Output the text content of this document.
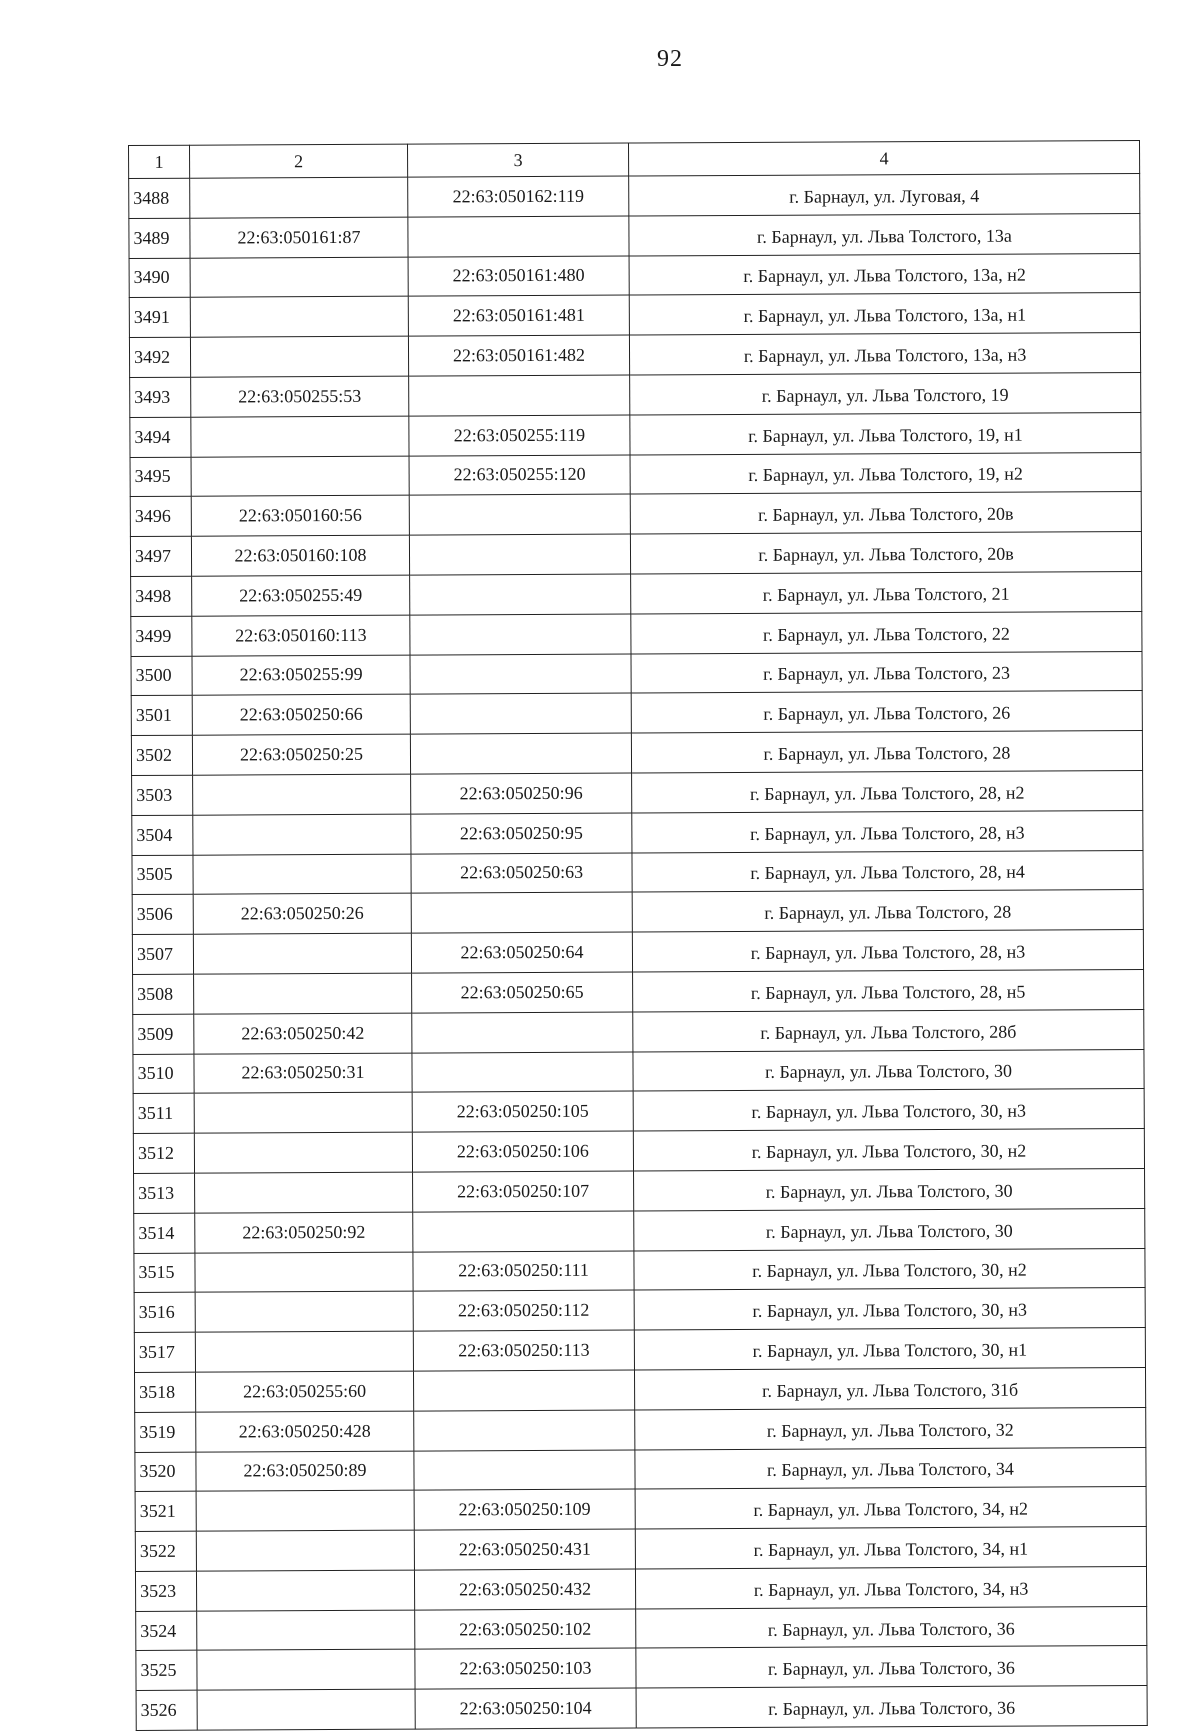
92
1	2	3	4
3488		22:63:050162:119	г. Барнаул, ул. Луговая, 4
3489	22:63:050161:87		г. Барнаул, ул. Льва Толстого, 13а
3490		22:63:050161:480	г. Барнаул, ул. Льва Толстого, 13а, н2
3491		22:63:050161:481	г. Барнаул, ул. Льва Толстого, 13а, н1
3492		22:63:050161:482	г. Барнаул, ул. Льва Толстого, 13а, н3
3493	22:63:050255:53		г. Барнаул, ул. Льва Толстого, 19
3494		22:63:050255:119	г. Барнаул, ул. Льва Толстого, 19, н1
3495		22:63:050255:120	г. Барнаул, ул. Льва Толстого, 19, н2
3496	22:63:050160:56		г. Барнаул, ул. Льва Толстого, 20в
3497	22:63:050160:108		г. Барнаул, ул. Льва Толстого, 20в
3498	22:63:050255:49		г. Барнаул, ул. Льва Толстого, 21
3499	22:63:050160:113		г. Барнаул, ул. Льва Толстого, 22
3500	22:63:050255:99		г. Барнаул, ул. Льва Толстого, 23
3501	22:63:050250:66		г. Барнаул, ул. Льва Толстого, 26
3502	22:63:050250:25		г. Барнаул, ул. Льва Толстого, 28
3503		22:63:050250:96	г. Барнаул, ул. Льва Толстого, 28, н2
3504		22:63:050250:95	г. Барнаул, ул. Льва Толстого, 28, н3
3505		22:63:050250:63	г. Барнаул, ул. Льва Толстого, 28, н4
3506	22:63:050250:26		г. Барнаул, ул. Льва Толстого, 28
3507		22:63:050250:64	г. Барнаул, ул. Льва Толстого, 28, н3
3508		22:63:050250:65	г. Барнаул, ул. Льва Толстого, 28, н5
3509	22:63:050250:42		г. Барнаул, ул. Льва Толстого, 28б
3510	22:63:050250:31		г. Барнаул, ул. Льва Толстого, 30
3511		22:63:050250:105	г. Барнаул, ул. Льва Толстого, 30, н3
3512		22:63:050250:106	г. Барнаул, ул. Льва Толстого, 30, н2
3513		22:63:050250:107	г. Барнаул, ул. Льва Толстого, 30
3514	22:63:050250:92		г. Барнаул, ул. Льва Толстого, 30
3515		22:63:050250:111	г. Барнаул, ул. Льва Толстого, 30, н2
3516		22:63:050250:112	г. Барнаул, ул. Льва Толстого, 30, н3
3517		22:63:050250:113	г. Барнаул, ул. Льва Толстого, 30, н1
3518	22:63:050255:60		г. Барнаул, ул. Льва Толстого, 31б
3519	22:63:050250:428		г. Барнаул, ул. Льва Толстого, 32
3520	22:63:050250:89		г. Барнаул, ул. Льва Толстого, 34
3521		22:63:050250:109	г. Барнаул, ул. Льва Толстого, 34, н2
3522		22:63:050250:431	г. Барнаул, ул. Льва Толстого, 34, н1
3523		22:63:050250:432	г. Барнаул, ул. Льва Толстого, 34, н3
3524		22:63:050250:102	г. Барнаул, ул. Льва Толстого, 36
3525		22:63:050250:103	г. Барнаул, ул. Льва Толстого, 36
3526		22:63:050250:104	г. Барнаул, ул. Льва Толстого, 36
